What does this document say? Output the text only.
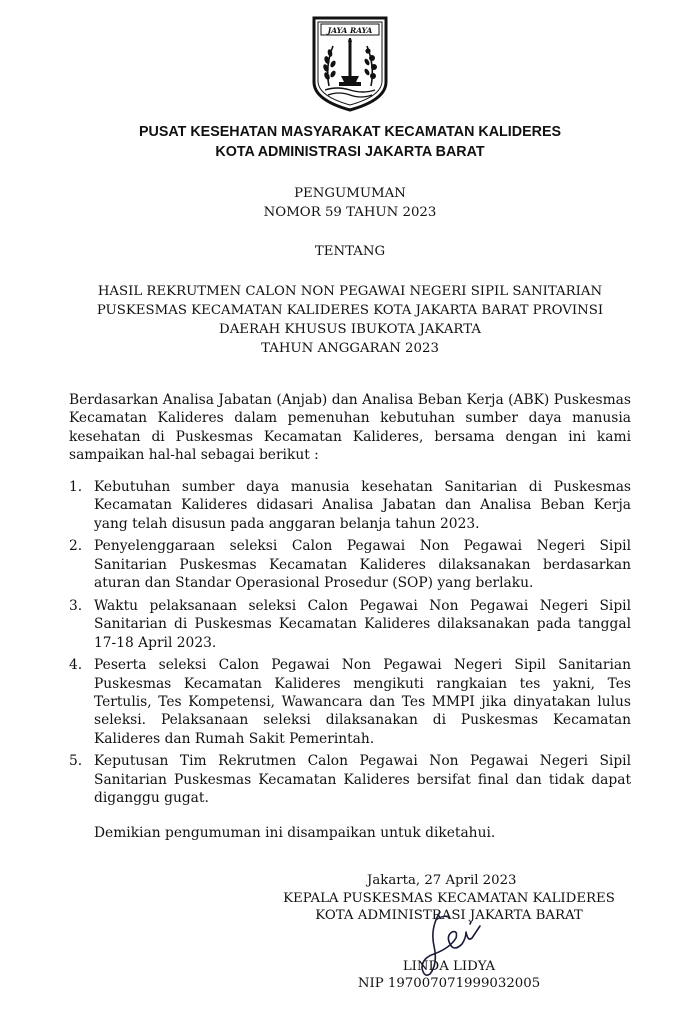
JAYA RAYA
PUSAT KESEHATAN MASYARAKAT KECAMATAN KALIDERES
KOTA ADMINISTRASI JAKARTA BARAT
PENGUMUMAN
NOMOR 59 TAHUN 2023
TENTANG
HASIL REKRUTMEN CALON NON PEGAWAI NEGERI SIPIL SANITARIAN
PUSKESMAS KECAMATAN KALIDERES KOTA JAKARTA BARAT PROVINSI
DAERAH KHUSUS IBUKOTA JAKARTA
TAHUN ANGGARAN 2023
Berdasarkan Analisa Jabatan (Anjab) dan Analisa Beban Kerja (ABK) Puskesmas Kecamatan Kalideres dalam pemenuhan kebutuhan sumber daya manusia kesehatan di Puskesmas Kecamatan Kalideres, bersama dengan ini kami sampaikan hal-hal sebagai berikut :
1. Kebutuhan sumber daya manusia kesehatan Sanitarian di Puskesmas Kecamatan Kalideres didasari Analisa Jabatan dan Analisa Beban Kerja yang telah disusun pada anggaran belanja tahun 2023.
2. Penyelenggaraan seleksi Calon Pegawai Non Pegawai Negeri Sipil Sanitarian Puskesmas Kecamatan Kalideres dilaksanakan berdasarkan aturan dan Standar Operasional Prosedur (SOP) yang berlaku.
3. Waktu pelaksanaan seleksi Calon Pegawai Non Pegawai Negeri Sipil Sanitarian di Puskesmas Kecamatan Kalideres dilaksanakan pada tanggal 17-18 April 2023.
4. Peserta seleksi Calon Pegawai Non Pegawai Negeri Sipil Sanitarian Puskesmas Kecamatan Kalideres mengikuti rangkaian tes yakni, Tes Tertulis, Tes Kompetensi, Wawancara dan Tes MMPI jika dinyatakan lulus seleksi. Pelaksanaan seleksi dilaksanakan di Puskesmas Kecamatan Kalideres dan Rumah Sakit Pemerintah.
5. Keputusan Tim Rekrutmen Calon Pegawai Non Pegawai Negeri Sipil Sanitarian Puskesmas Kecamatan Kalideres bersifat final dan tidak dapat diganggu gugat.
Demikian pengumuman ini disampaikan untuk diketahui.
Jakarta, 27 April 2023
KEPALA PUSKESMAS KECAMATAN KALIDERES
KOTA ADMINISTRASI JAKARTA BARAT
LINDA LIDYA
NIP 197007071999032005
